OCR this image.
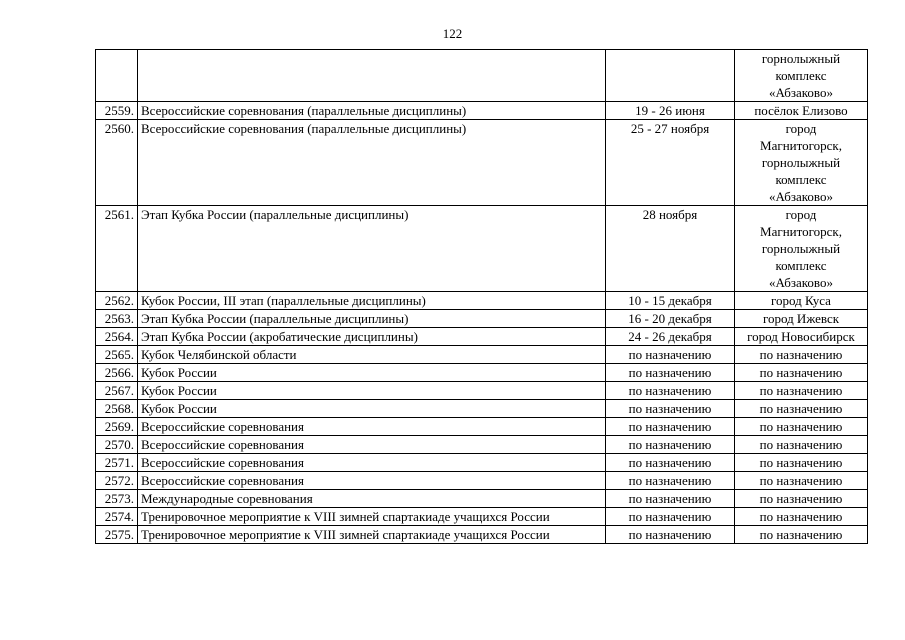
122

			горнолыжный
комплекс
«Абзаково»

2559.	Всероссийские соревнования (параллельные дисциплины)	19 - 26 июня	посёлок Елизово

2560.	Всероссийские соревнования (параллельные дисциплины)	25 - 27 ноября	город
Магнитогорск,
горнолыжный
комплекс
«Абзаково»

2561.	Этап Кубка России (параллельные дисциплины)	28 ноября	город
Магнитогорск,
горнолыжный
комплекс
«Абзаково»

2562.	Кубок России, III этап (параллельные дисциплины)	10 - 15 декабря	город Куса

2563.	Этап Кубка России (параллельные дисциплины)	16 - 20 декабря	город Ижевск

2564.	Этап Кубка России (акробатические дисциплины)	24 - 26 декабря	город Новосибирск

2565.	Кубок Челябинской области	по назначению	по назначению

2566.	Кубок России	по назначению	по назначению

2567.	Кубок России	по назначению	по назначению

2568.	Кубок России	по назначению	по назначению

2569.	Всероссийские соревнования	по назначению	по назначению

2570.	Всероссийские соревнования	по назначению	по назначению

2571.	Всероссийские соревнования	по назначению	по назначению

2572.	Всероссийские соревнования	по назначению	по назначению

2573.	Международные соревнования	по назначению	по назначению

2574.	Тренировочное мероприятие к VIII зимней спартакиаде учащихся России	по назначению	по назначению

2575.	Тренировочное мероприятие к VIII зимней спартакиаде учащихся России	по назначению	по назначению
